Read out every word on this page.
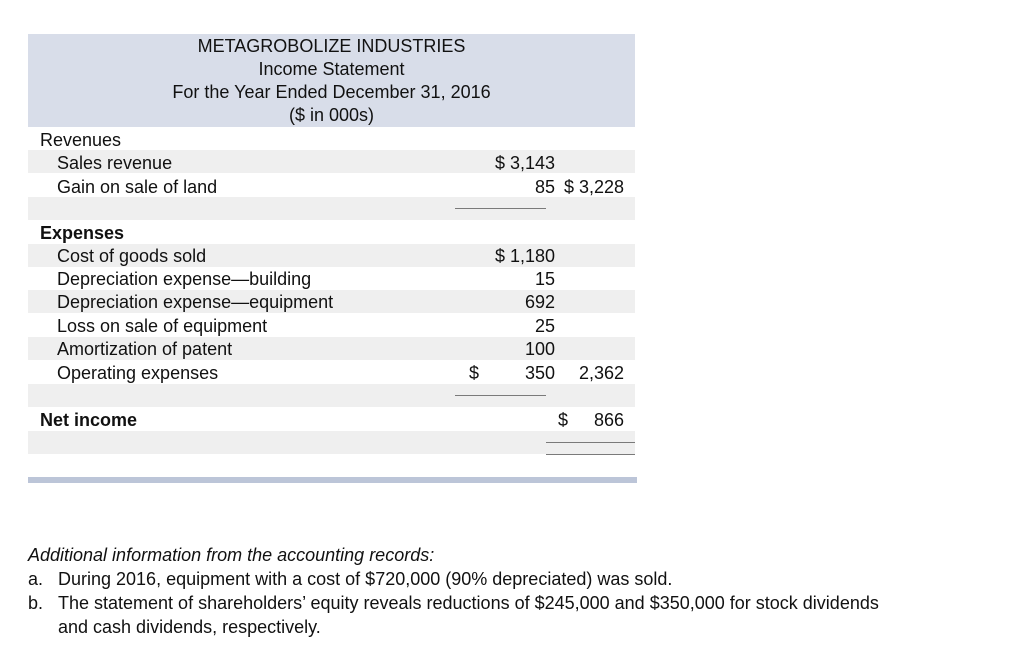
METAGROBOLIZE INDUSTRIES
Income Statement
For the Year Ended December 31, 2016
($ in 000s)
Revenues
Sales revenue	$ 3,143
Gain on sale of land	85 $ 3,228
Expenses
Cost of goods sold	$ 1,180
Depreciation expense—building	15
Depreciation expense—equipment	692
Loss on sale of equipment	25
Amortization of patent	100
Operating expenses	$	350	2,362
Net income	$	866
Additional information from the accounting records:
a. During 2016, equipment with a cost of $720,000 (90% depreciated) was sold.
b. The statement of shareholders’ equity reveals reductions of $245,000 and $350,000 for stock dividends
and cash dividends, respectively.
